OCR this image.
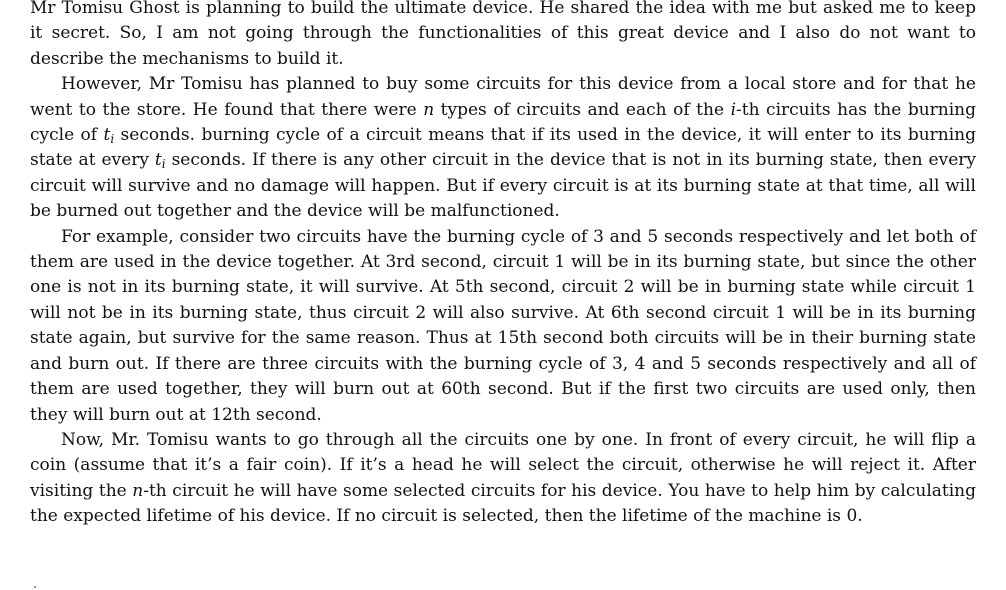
Mr Tomisu Ghost is planning to build the ultimate device. He shared the idea with me but asked me to keep it secret. So, I am not going through the functionalities of this great device and I also do not want to describe the mechanisms to build it.

However, Mr Tomisu has planned to buy some circuits for this device from a local store and for that he went to the store. He found that there were n types of circuits and each of the i-th circuits has the burning cycle of $t_i$ seconds. burning cycle of a circuit means that if its used in the device, it will enter to its burning state at every $t_i$ seconds. If there is any other circuit in the device that is not in its burning state, then every circuit will survive and no damage will happen. But if every circuit is at its burning state at that time, all will be burned out together and the device will be malfunctioned.

For example, consider two circuits have the burning cycle of 3 and 5 seconds respectively and let both of them are used in the device together. At 3rd second, circuit 1 will be in its burning state, but since the other one is not in its burning state, it will survive. At 5th second, circuit 2 will be in burning state while circuit 1 will not be in its burning state, thus circuit 2 will also survive. At 6th second circuit 1 will be in its burning state again, but survive for the same reason. Thus at 15th second both circuits will be in their burning state and burn out. If there are three circuits with the burning cycle of 3, 4 and 5 seconds respectively and all of them are used together, they will burn out at 60th second. But if the first two circuits are used only, then they will burn out at 12th second.

Now, Mr. Tomisu wants to go through all the circuits one by one. In front of every circuit, he will flip a coin (assume that it’s a fair coin). If it’s a head he will select the circuit, otherwise he will reject it. After visiting the n-th circuit he will have some selected circuits for his device. You have to help him by calculating the expected lifetime of his device. If no circuit is selected, then the lifetime of the machine is 0.
